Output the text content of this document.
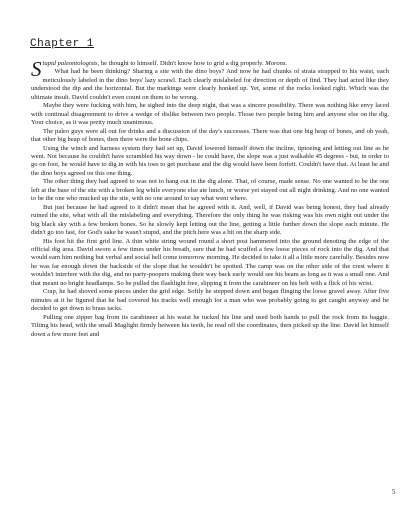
Chapter 1

Stupid paleontologists, he thought to himself. Didn't know how to grid a dig properly. Morons.

What had he been thinking? Sharing a site with the dino boys? And now he had chunks of strata strapped to his waist, each meticulously labeled in the dino boys' lazy scrawl. Each clearly mislabeled for direction or depth of find. They had acted like they understood the dip and the horizontal. But the markings were clearly honked up. Yet, some of the rocks looked right. Which was the ultimate insult. David couldn't even count on them to be wrong.

Maybe they were fucking with him, he sighed into the deep night, that was a sincere possibility. There was nothing like envy laced with continual disagreement to drive a wedge of dislike between two people. Those two people being him and anyone else on the dig. Your choice, as it was pretty much unanimous.

The paleo guys were all out for drinks and a discussion of the day's successes. There was that one big heap of bones, and oh yeah, that other big heap of bones, then there were the bone chips.

Using the winch and harness system they had set up, David lowered himself down the incline, tiptoeing and letting out line as he went. Not because he couldn't have scrambled his way down - he could have, the slope was a just walkable 45 degrees - but, in order to go on foot, he would have to dig in with his toes to get purchase and the dig would have been forfeit. Couldn't have that. At least he and the dino boys agreed on this one thing.

The other thing they had agreed to was not to hang out in the dig alone. That, of course, made sense. No one wanted to be the one left at the base of the site with a broken leg while everyone else ate lunch, or worse yet stayed out all night drinking. And no one wanted to be the one who mucked up the site, with no one around to say what went where.

But just because he had agreed to it didn't mean that he agreed with it. And, well, if David was being honest, they had already ruined the site, what with all the mislabeling and everything. Therefore the only thing he was risking was his own night out under the big black sky with a few broken bones. So he slowly kept letting out the line, getting a little further down the slope each minute. He didn't go too fast, for God's sake he wasn't stupid, and the pitch here was a bit on the sharp side.

His foot hit the first grid line. A thin white string wound round a short post hammered into the ground denoting the edge of the official dig area. David swore a few times under his breath, sure that he had scuffed a few loose pieces of rock into the dig. And that would earn him nothing but verbal and social hell come tomorrow morning. He decided to take it all a little more carefully. Besides now he was far enough down the backside of the slope that he wouldn't be spotted. The camp was on the other side of the crest where it wouldn't interfere with the dig, and no party-poopers making their way back early would see his beam as long as it was a small one. And that meant no bright headlamps. So he pulled the flashlight free, slipping it from the carabineer on his belt with a flick of his wrist.

Crap, he had shoved some pieces under the grid edge. Softly he stepped down and began flinging the loose gravel away. After five minutes at it he figured that he had covered his tracks well enough for a man who was probably going to get caught anyway and he decided to get down to brass tacks.

Pulling one zipper bag from its carabineer at his waist he tucked his line and used both hands to pull the rock from its baggie. Tilting his head, with the small Maglight firmly between his teeth, he read off the coordinates, then picked up the line. David let himself down a few more feet and

5
